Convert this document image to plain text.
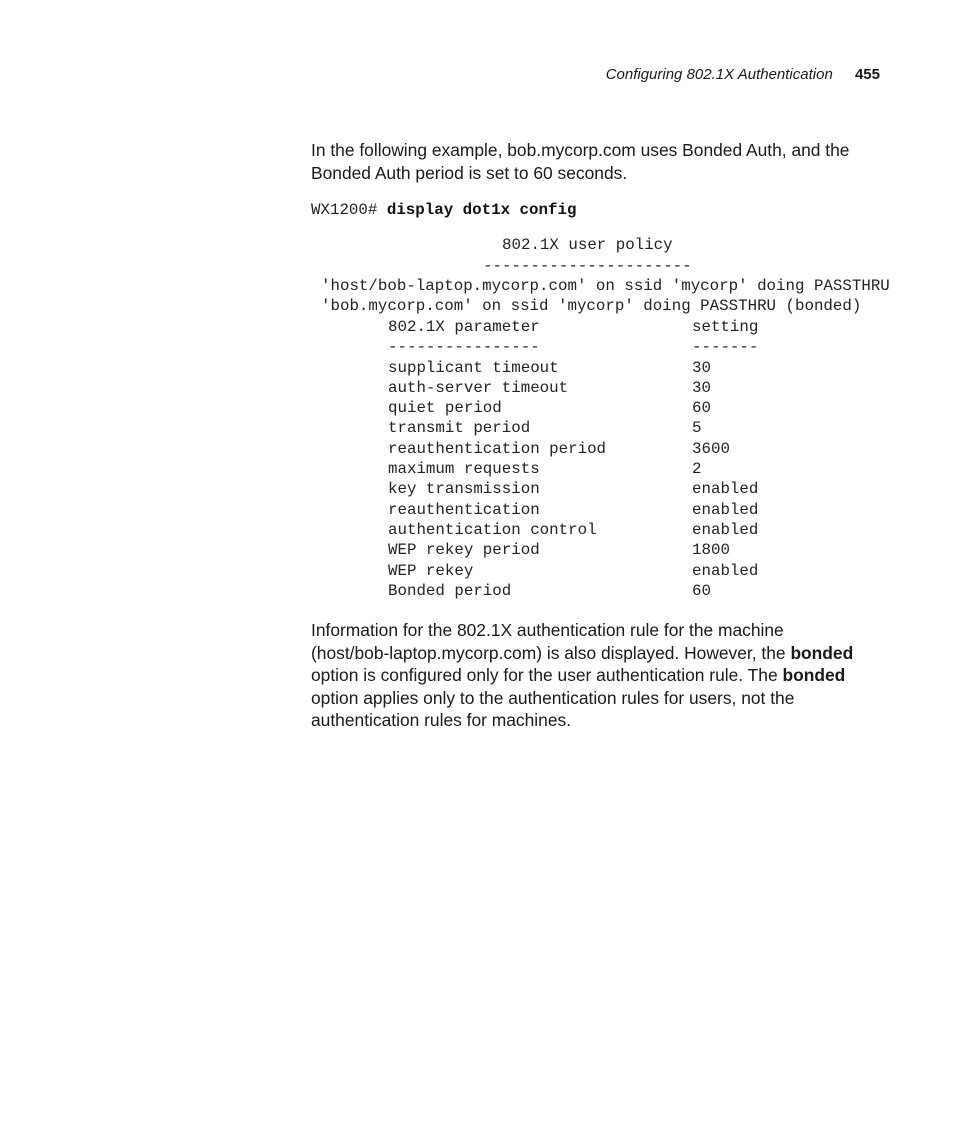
Configuring 802.1X Authentication 455

In the following example, bob.mycorp.com uses Bonded Auth, and the
Bonded Auth period is set to 60 seconds.

WX1200# display dot1x config
802.1X user policy
----------------------
'host/bob-laptop.mycorp.com' on ssid 'mycorp' doing PASSTHRU
'bob.mycorp.com' on ssid 'mycorp' doing PASSTHRU (bonded)
802.1X parameter	setting
----------------	-------
supplicant timeout	30
auth-server timeout	30
quiet period	60
transmit period	5
reauthentication period	3600
maximum requests	2
key transmission	enabled
reauthentication	enabled
authentication control	enabled
WEP rekey period	1800
WEP rekey	enabled
Bonded period	60

Information for the 802.1X authentication rule for the machine
(host/bob-laptop.mycorp.com) is also displayed. However, the bonded
option is configured only for the user authentication rule. The bonded
option applies only to the authentication rules for users, not the
authentication rules for machines.
